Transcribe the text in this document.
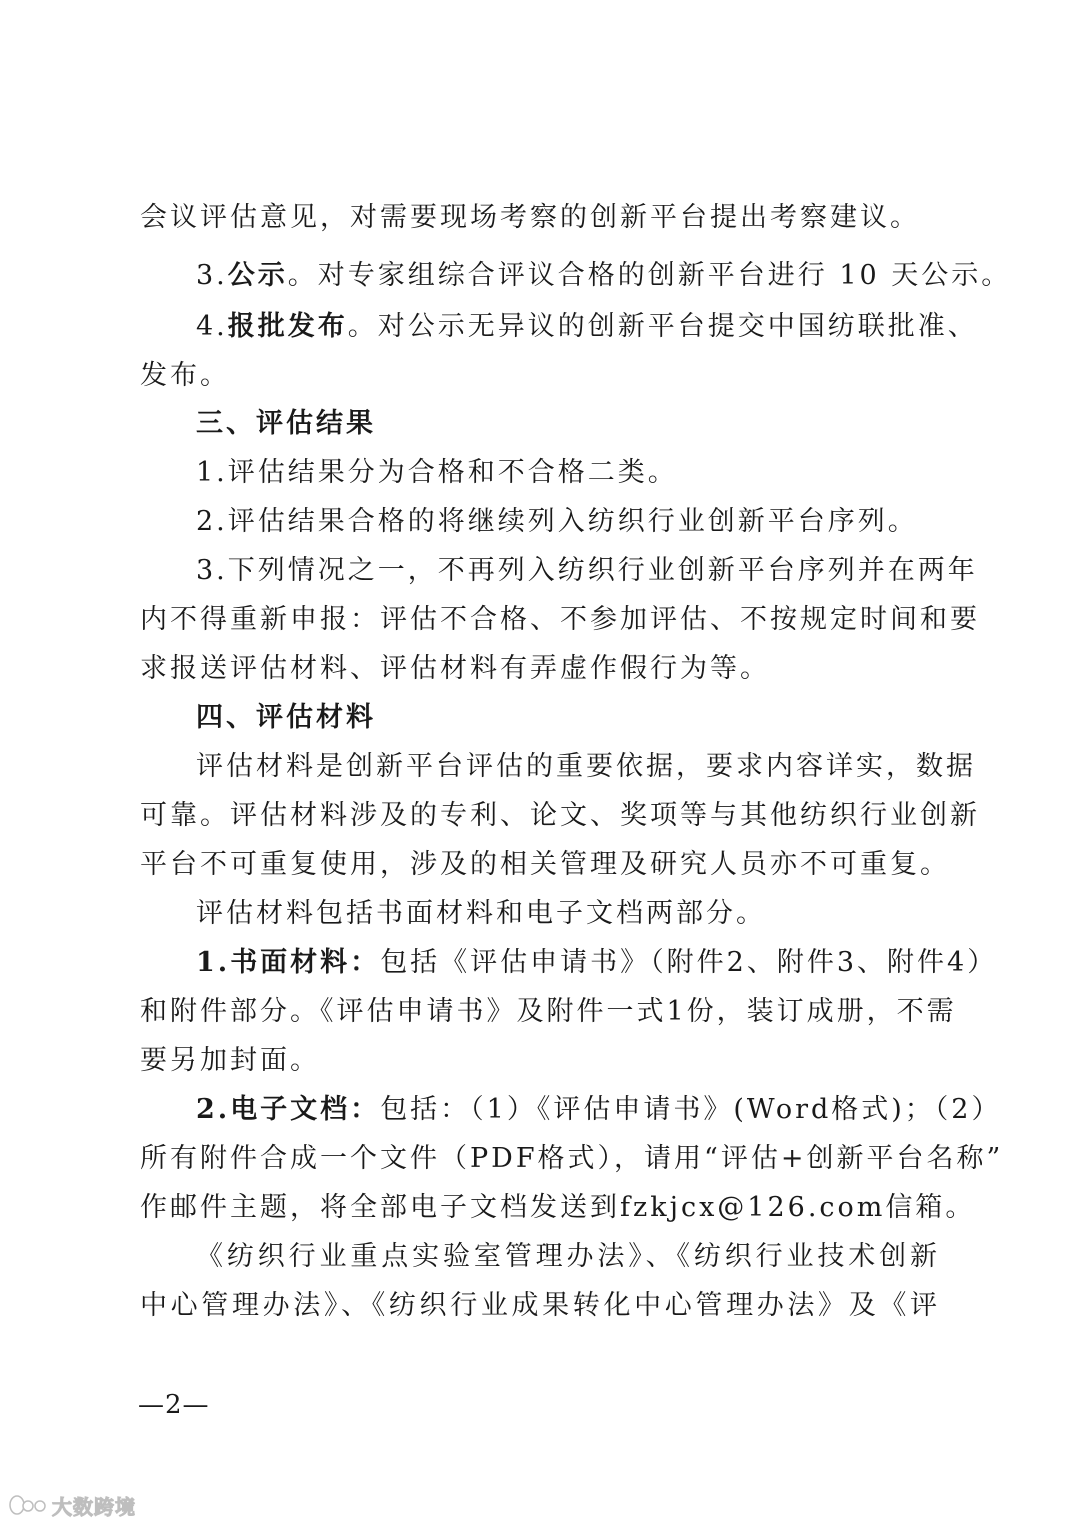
会议评估意见，对需要现场考察的创新平台提出考察建议。
3.公示。对专家组综合评议合格的创新平台进行 10 天公示。
4.报批发布。对公示无异议的创新平台提交中国纺联批准、
发布。
三、评估结果
1.评估结果分为合格和不合格二类。
2.评估结果合格的将继续列入纺织行业创新平台序列。
3.下列情况之一，不再列入纺织行业创新平台序列并在两年
内不得重新申报：评估不合格、不参加评估、不按规定时间和要
求报送评估材料、评估材料有弄虚作假行为等。
四、评估材料
评估材料是创新平台评估的重要依据，要求内容详实，数据
可靠。评估材料涉及的专利、论文、奖项等与其他纺织行业创新
平台不可重复使用，涉及的相关管理及研究人员亦不可重复。
评估材料包括书面材料和电子文档两部分。
1.书面材料：包括《评估申请书》（附件2、附件3、附件4）
和附件部分。《评估申请书》及附件一式1份，装订成册，不需
要另加封面。
2.电子文档：包括：（1）《评估申请书》(Word格式)；（2）
所有附件合成一个文件（PDF格式），请用“评估+创新平台名称”
作邮件主题，将全部电子文档发送到fzkjcx@126.com信箱。
《纺织行业重点实验室管理办法》、《纺织行业技术创新
中心管理办法》、《纺织行业成果转化中心管理办法》及《评
—2—
大数跨境
